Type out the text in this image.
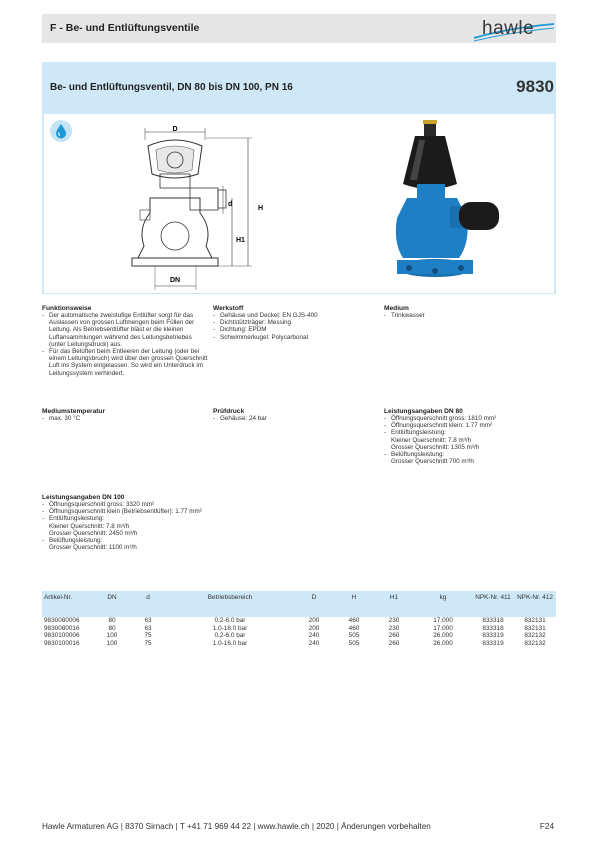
F - Be- und Entlüftungsventile	hawle
Be- und Entlüftungsventil, DN 80 bis DN 100, PN 16	9830
D
d
H
H1
DN
Funktionsweise
- Der automatische zweistufige Entlüfter sorgt für das Auslassen von grossen Luftmengen beim Füllen der Leitung. Als Betriebsentlüfter bläst er die kleinen Luftansammlungen während des Leitungsbetriebes (unter Leitungsdruck) aus.
- Für das Belüften beim Entleeren der Leitung (oder bei einem Leitungsbruch) wird über den grossen Querschnitt Luft ins System eingelassen. So wird ein Unterdruck im Leitungssystem verhindert.
Werkstoff
- Gehäuse und Deckel: EN GJS-400
- Dichtstützträger: Messing
- Dichtung: EPDM
- Schwimmerkugel: Polycarbonat
Medium
- Trinkwasser
Mediumstemperatur
- max. 30 °C
Prüfdruck
- Gehäuse: 24 bar
Leistungsangaben DN 80
- Öffnungsquerschnitt gross: 1810 mm²
- Öffnungsquerschnitt klein: 1.77 mm²
- Entlüftungsleistung:
Kleiner Querschnitt: 7.8 m³/h
Grosser Querschnitt: 1305 m³/h
- Belüftungsleistung:
Grosser Querschnitt 700 m³/h
Leistungsangaben DN 100
- Öffnungsquerschnitt gross: 3320 mm²
- Öffnungsquerschnitt klein (Betriebsentlüfter): 1.77 mm²
- Entlüftungsleistung:
Kleiner Querschnitt: 7.8 m³/h
Grosser Querschnitt: 2450 m³/h
- Belüftungsleistung:
Grosser Querschnitt: 1100 m³/h
Artikel-Nr.	DN	d	Betriebsbereich	D	H	H1	kg	NPK-Nr. 411	NPK-Nr. 412
9830080006	80	63	0.2-6.0 bar	200	460	230	17.000	833318	832131
9830080016	80	63	1.0-16.0 bar	200	460	230	17.000	833318	832131
9830100006	100	75	0.2-6.0 bar	240	505	260	26.000	833319	832132
9830100016	100	75	1.0-16.0 bar	240	505	260	26.000	833319	832132
Hawle Armaturen AG | 8370 Sirnach | T +41 71 969 44 22 | www.hawle.ch | 2020 | Änderungen vorbehalten	F24
